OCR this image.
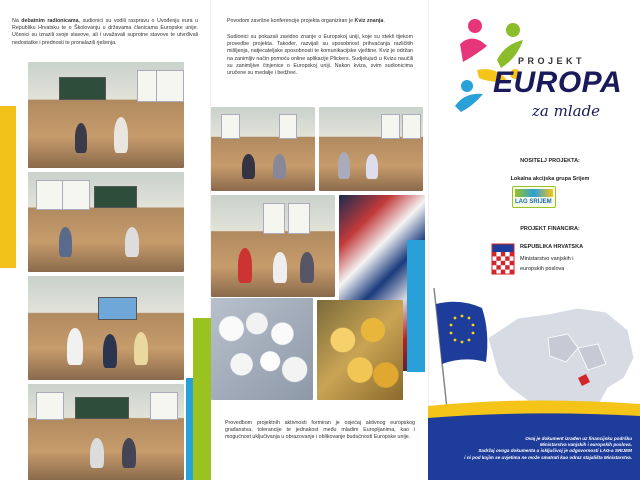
Na debatnim radionicama, sudionici su vodili raspravu o Uvođenju eura u Republiku Hrvatsku te o Školovanju u državama članicama Europske unije. Učenici su izrazili svoje stavove, ali i uvažavali suprotne stavove te utvrđivali nedostatke i prednosti te pronalazili rješenja.

Povodom završne konferencije projekta organiziran je Kviz znanja.

Sudionici su pokazali zavidno znanje o Europskoj uniji, koje su stekli tijekom provedbe projekta. Također, razvijali su sposobnost prihvaćanja različitih mišljenja, natjecateljske sposobnosti te komunikacijske vještine. Kviz je održan na zanimljiv način pomoću online aplikacije Plickers. Sudjelujući u Kvizu naučili su zanimljive činjenice o Europskoj uniji. Nakon kviza, svim sudionicima uručene su medalje i bedževi.

Provedbom projektnih aktivnosti formiran je osjećaj aktivnog europskog građanstva, tolerancije te jednakost među mladim Europljanima, kao i mogućnost uključivanja u obrazovanje i oblikovanje budućnosti Europske unije.

PROJEKT
EUROPA
za mlade
NOSITELJ PROJEKTA:
Lokalna akcijska grupa Srijem
LAG SRIJEM
PROJEKT FINANCIRA:
REPUBLIKA HRVATSKA
Ministarstvo vanjskih i
europskih poslova
Ovaj je dokument izrađen uz financijsku podršku
Ministarstva vanjskih i europskih poslova.
Sadržaj ovoga dokumenta u isključivoj je odgovornosti LAG-a SRIJEM
i ni pod kojim se uvjetima ne može smatrati kao odraz stajališta Ministarstva.
